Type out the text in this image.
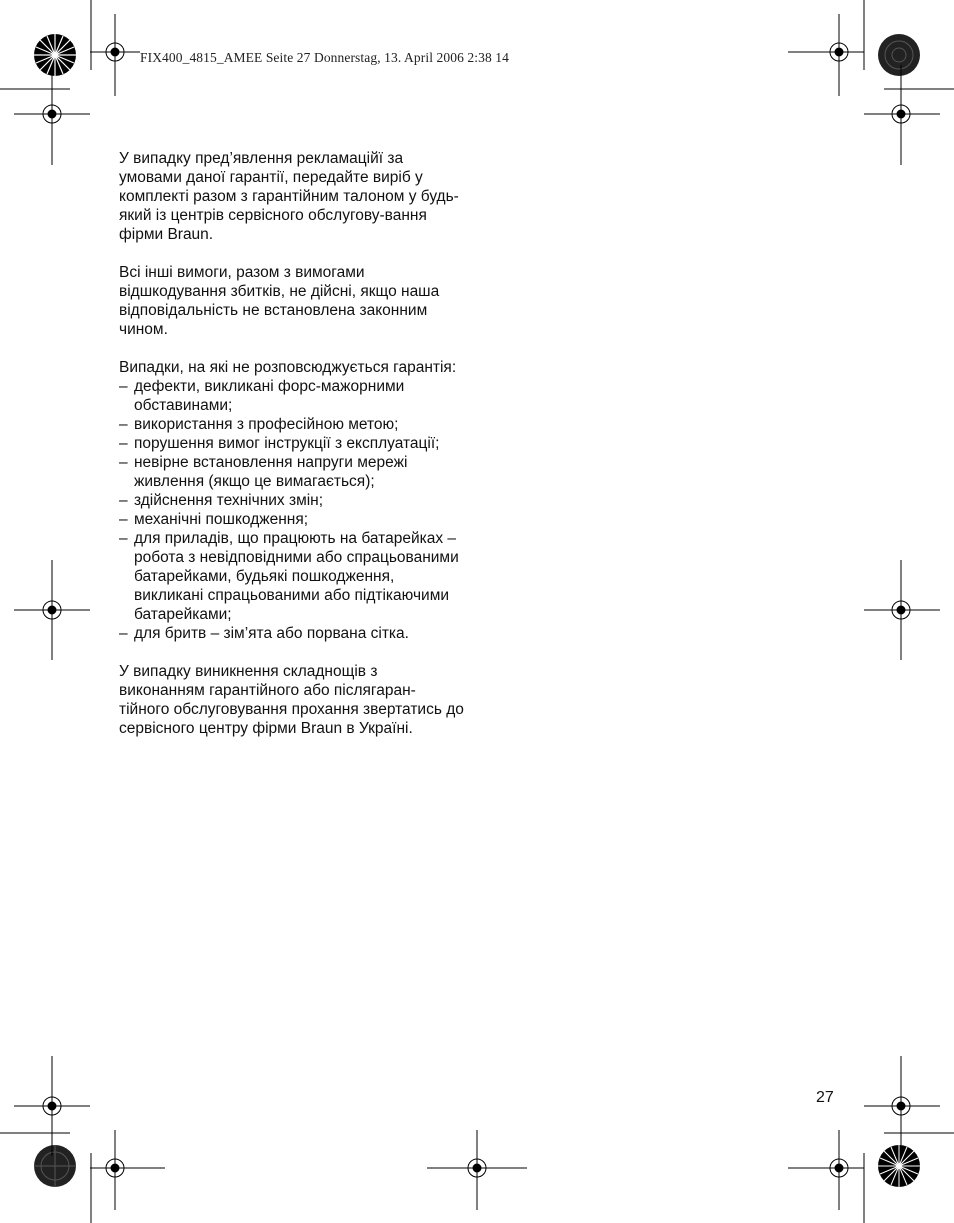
FIX400_4815_AMEE Seite 27 Donnerstag, 13. April 2006 2:38 14

У випадку пред’явлення рекламаційї за умовами даної гарантії, передайте виріб у комплекті разом з гарантійним талоном у будь-який із центрів сервісного обслугову-вання фірми Braun.

Всі інші вимоги, разом з вимогами відшкодування збитків, не дійсні, якщо наша відповідальність не встановлена законним чином.

Випадки, на які не розповсюджується гарантія:

– дефекти, викликані форс-мажорними обставинами;
– використання з професійною метою;
– порушення вимог інструкції з експлуатації;
– невірне встановлення напруги мережі живлення (якщо це вимагається);
– здійснення технічних змін;
– механічні пошкодження;
– для приладів, що працюють на батарейках – робота з невідповідними або спрацьованими батарейками, будьякі пошкодження, викликані спрацьованими або підтікаючими батарейками;
– для бритв – зім’ята або порвана сітка.

У випадку виникнення складнощів з виконанням гарантійного або післягаран-тійного обслуговування прохання звертатись до сервісного центру фірми Braun в Україні.

27
